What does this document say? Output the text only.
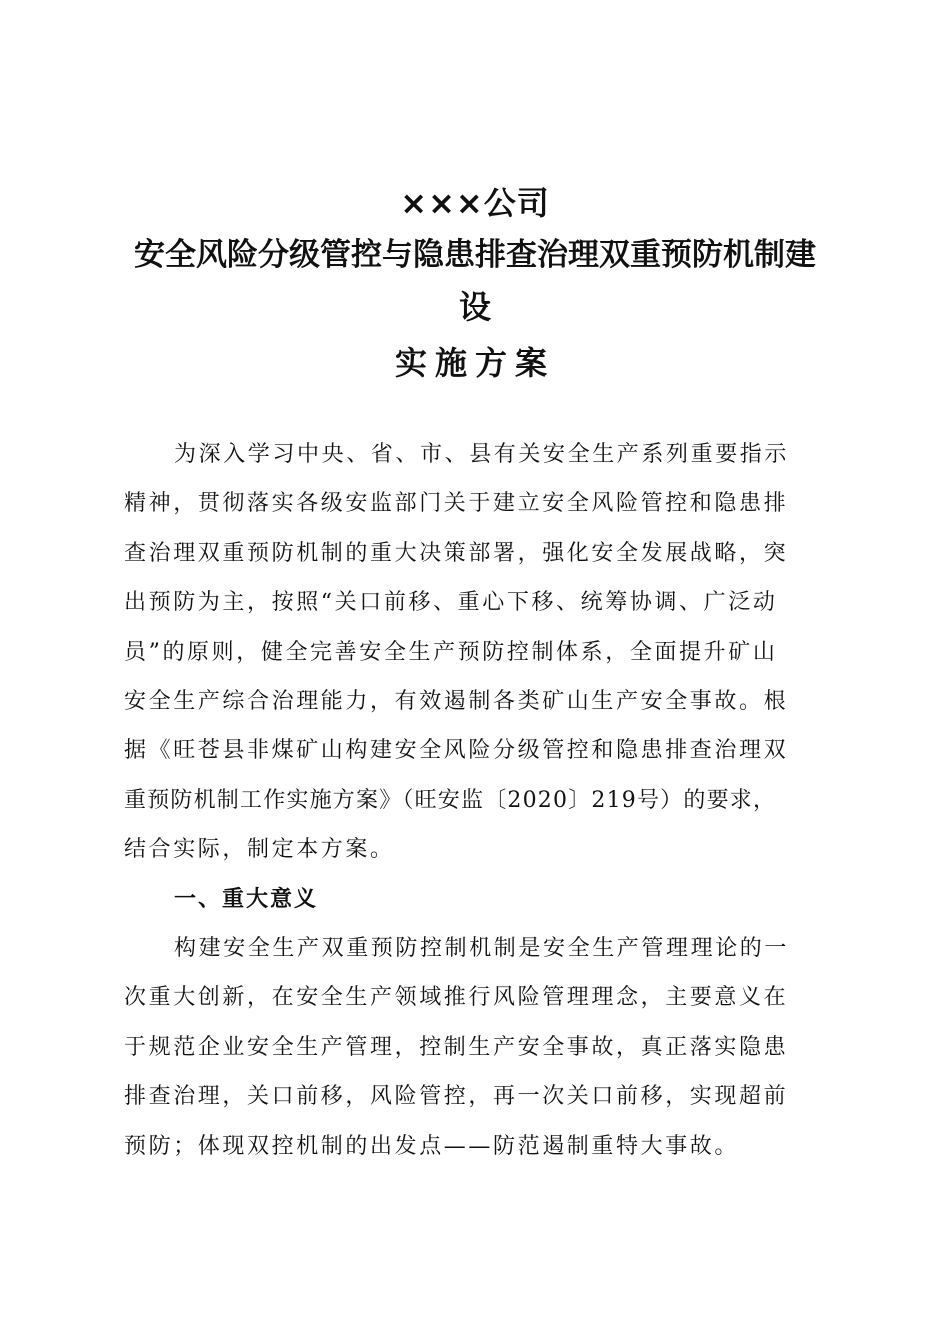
×××公司
安全风险分级管控与隐患排查治理双重预防机制建
设
实施方案
为深入学习中央、省、市、县有关安全生产系列重要指示
精神，贯彻落实各级安监部门关于建立安全风险管控和隐患排
查治理双重预防机制的重大决策部署，强化安全发展战略，突
出预防为主，按照“关口前移、重心下移、统筹协调、广泛动
员”的原则，健全完善安全生产预防控制体系，全面提升矿山
安全生产综合治理能力，有效遏制各类矿山生产安全事故。根
据《旺苍县非煤矿山构建安全风险分级管控和隐患排查治理双
重预防机制工作实施方案》（旺安监〔2020〕219号）的要求，
结合实际，制定本方案。
一、重大意义
构建安全生产双重预防控制机制是安全生产管理理论的一
次重大创新，在安全生产领域推行风险管理理念，主要意义在
于规范企业安全生产管理，控制生产安全事故，真正落实隐患
排查治理，关口前移，风险管控，再一次关口前移，实现超前
预防；体现双控机制的出发点——防范遏制重特大事故。
